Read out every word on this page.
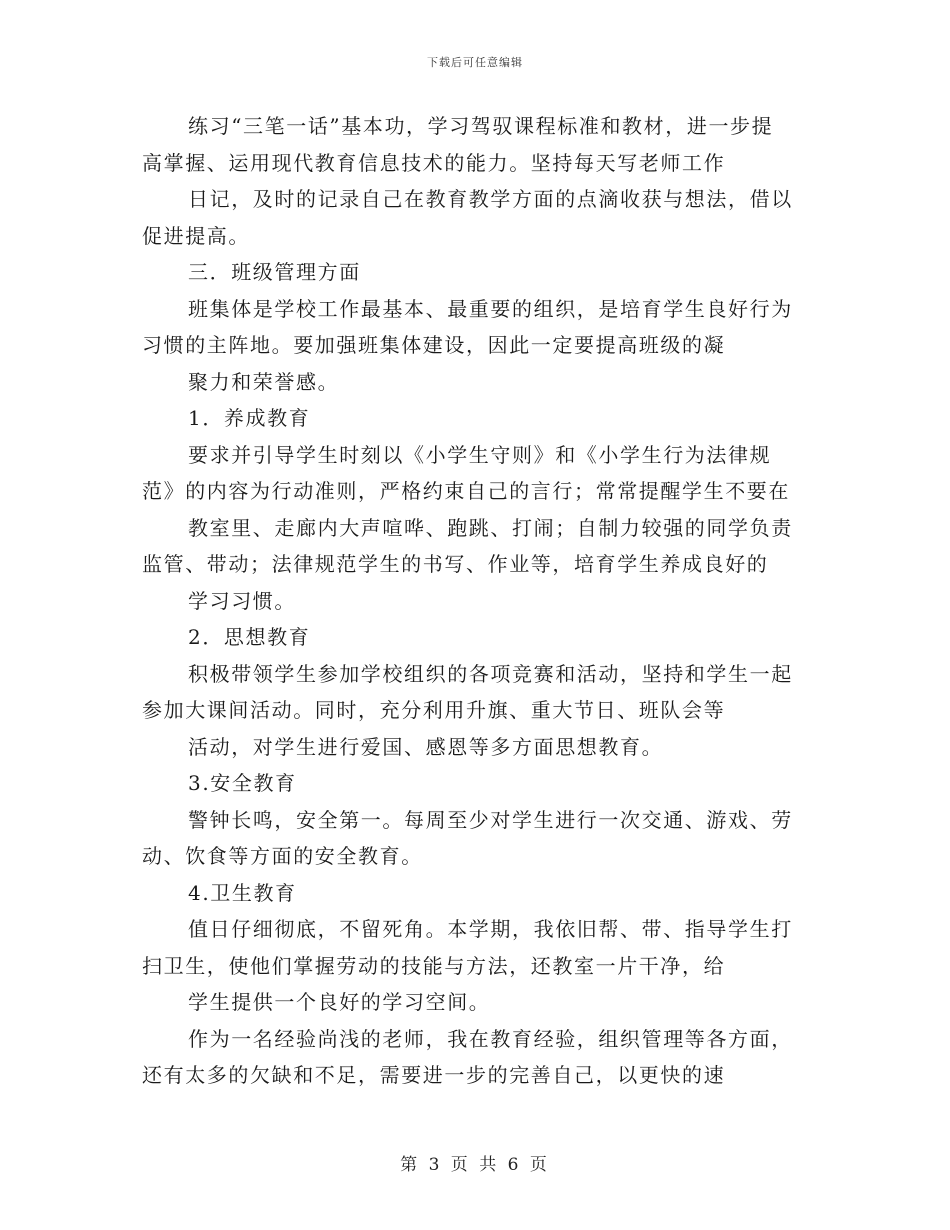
下载后可任意编辑
练习“三笔一话”基本功，学习驾驭课程标准和教材，进一步提
高掌握、运用现代教育信息技术的能力。坚持每天写老师工作
日记，及时的记录自己在教育教学方面的点滴收获与想法，借以
促进提高。
三．班级管理方面
班集体是学校工作最基本、最重要的组织，是培育学生良好行为
习惯的主阵地。要加强班集体建设，因此一定要提高班级的凝
聚力和荣誉感。
1．养成教育
要求并引导学生时刻以《小学生守则》和《小学生行为法律规
范》的内容为行动准则，严格约束自己的言行；常常提醒学生不要在
教室里、走廊内大声喧哗、跑跳、打闹；自制力较强的同学负责
监管、带动；法律规范学生的书写、作业等，培育学生养成良好的
学习习惯。
2．思想教育
积极带领学生参加学校组织的各项竞赛和活动，坚持和学生一起
参加大课间活动。同时，充分利用升旗、重大节日、班队会等
活动，对学生进行爱国、感恩等多方面思想教育。
3.安全教育
警钟长鸣，安全第一。每周至少对学生进行一次交通、游戏、劳
动、饮食等方面的安全教育。
4.卫生教育
值日仔细彻底，不留死角。本学期，我依旧帮、带、指导学生打
扫卫生，使他们掌握劳动的技能与方法，还教室一片干净，给
学生提供一个良好的学习空间。
作为一名经验尚浅的老师，我在教育经验，组织管理等各方面，
还有太多的欠缺和不足，需要进一步的完善自己，以更快的速
第 3 页 共 6 页
